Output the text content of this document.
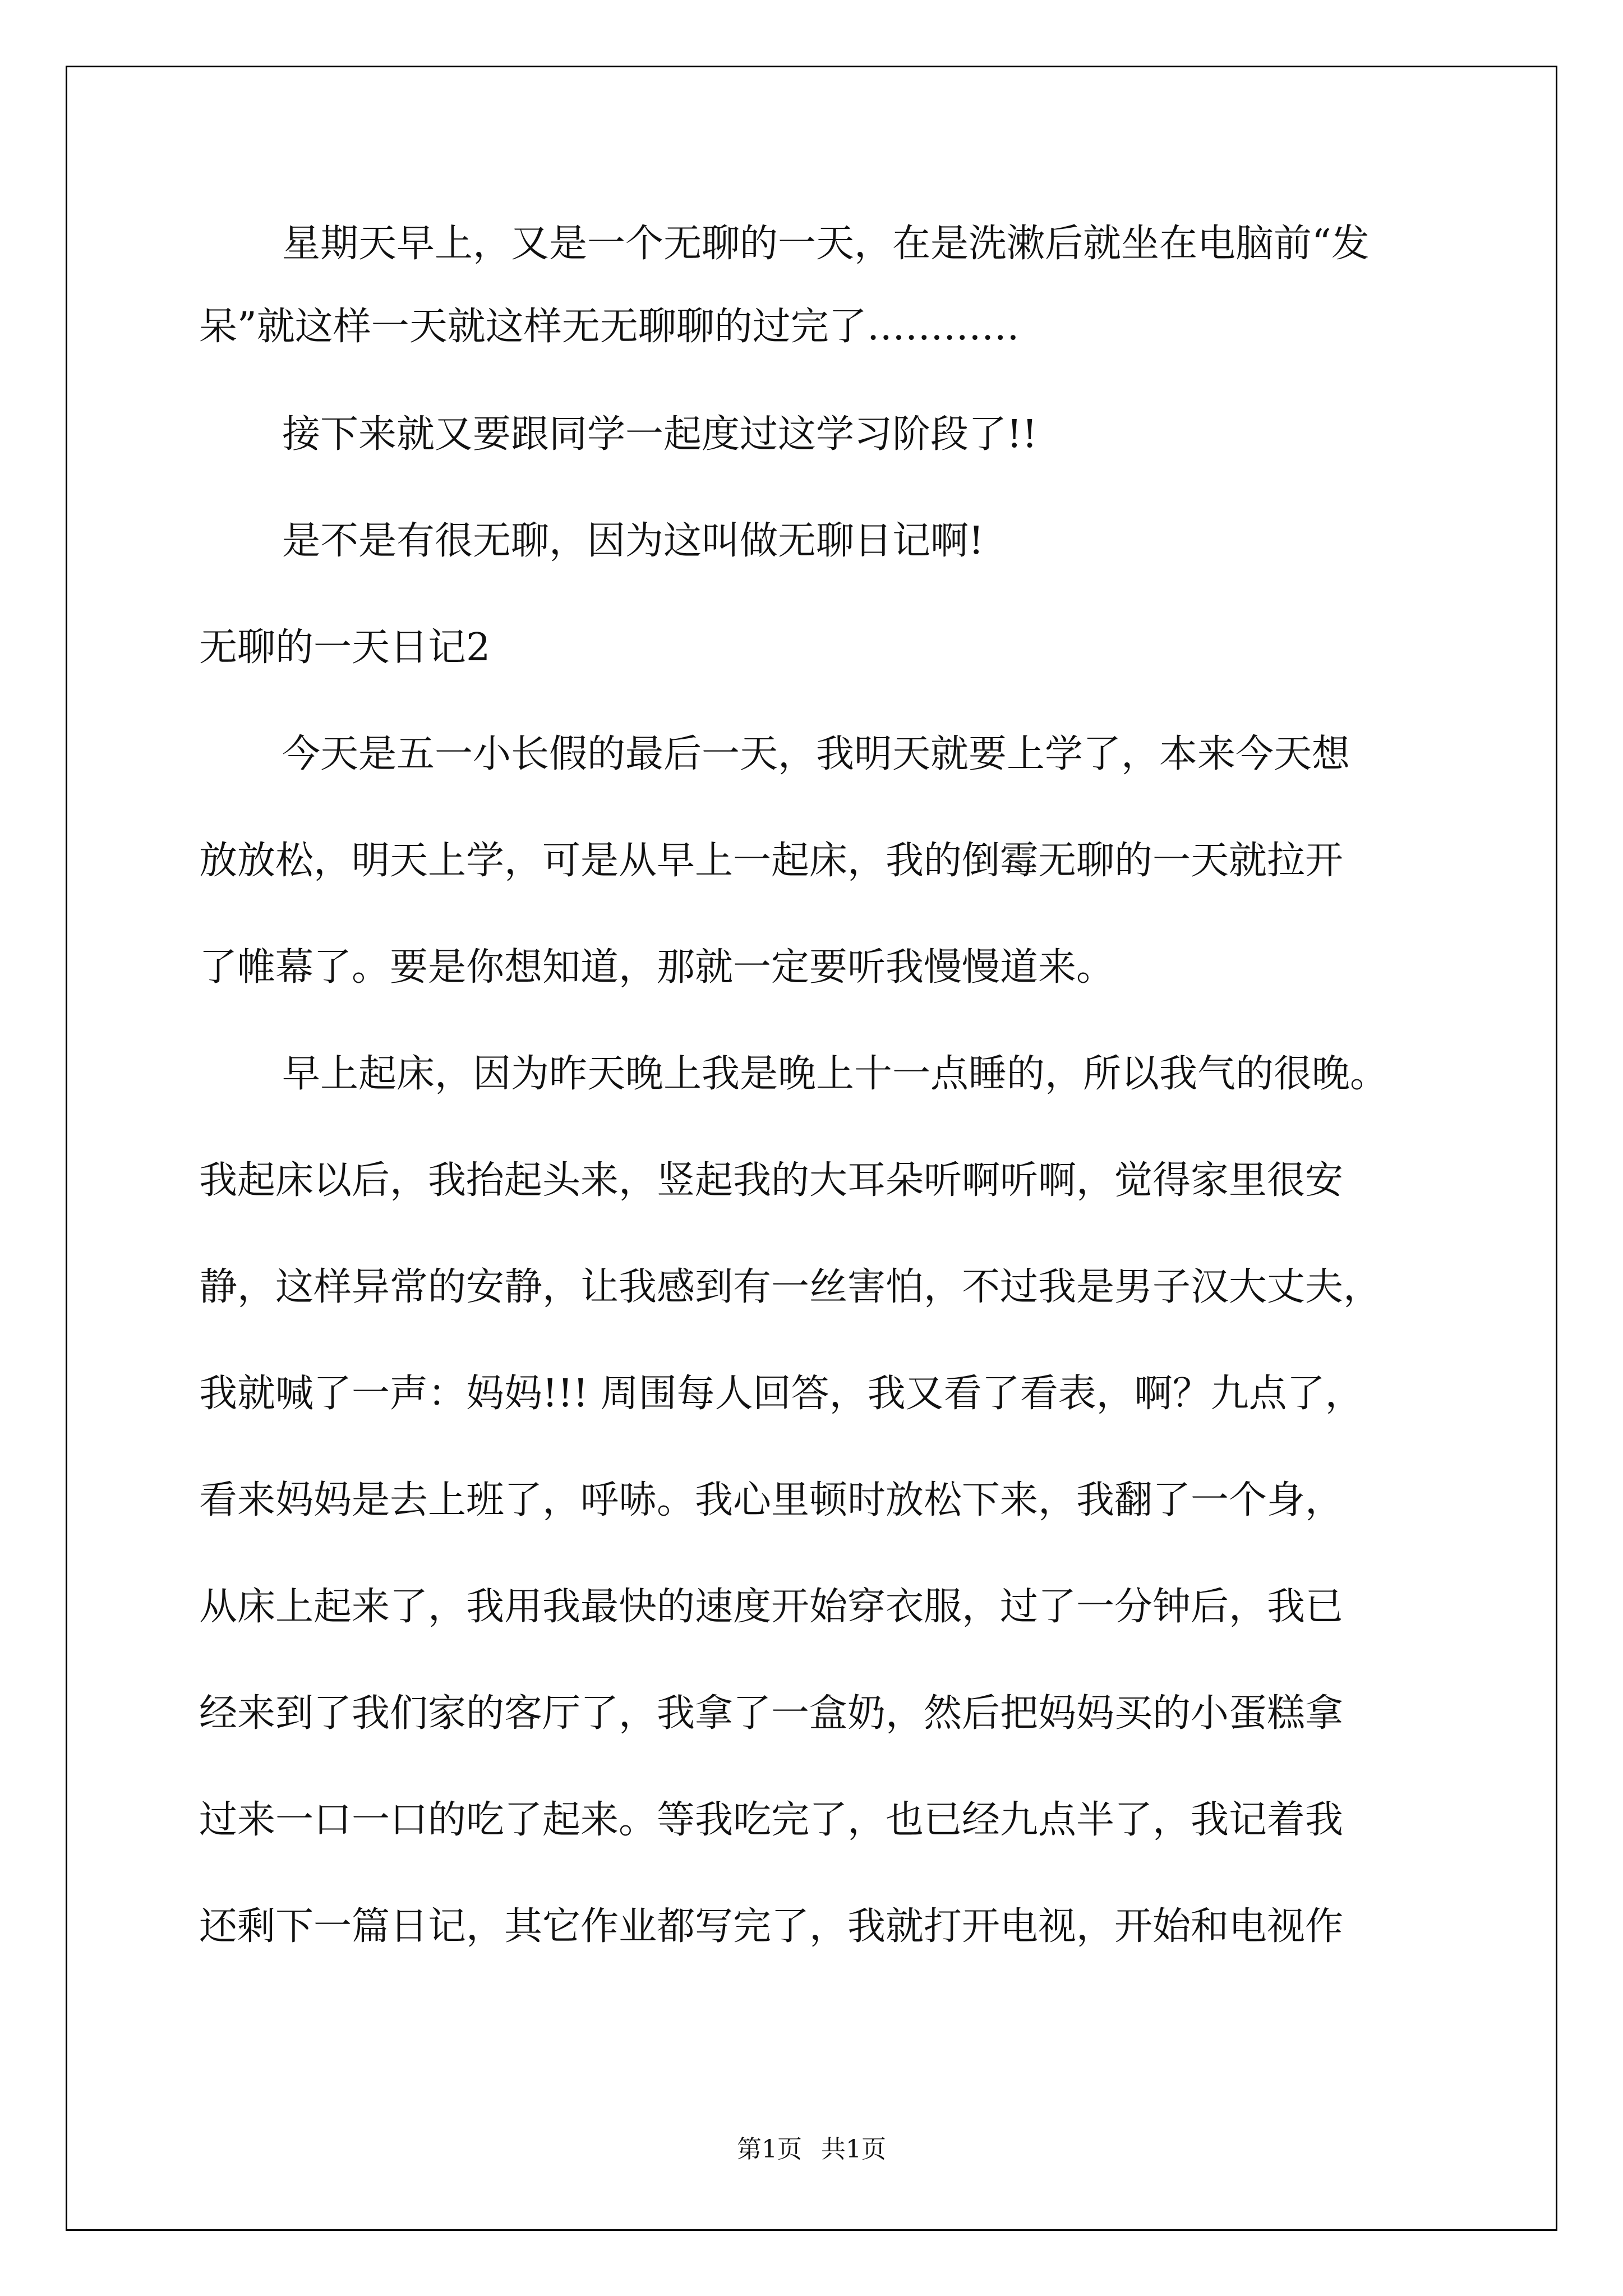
星期天早上，又是一个无聊的一天，在是洗漱后就坐在电脑前“发
呆”就这样一天就这样无无聊聊的过完了…………
接下来就又要跟同学一起度过这学习阶段了!!
是不是有很无聊，因为这叫做无聊日记啊!
无聊的一天日记2
今天是五一小长假的最后一天，我明天就要上学了，本来今天想
放放松，明天上学，可是从早上一起床，我的倒霉无聊的一天就拉开
了帷幕了。要是你想知道，那就一定要听我慢慢道来。
早上起床，因为昨天晚上我是晚上十一点睡的，所以我气的很晚。
我起床以后，我抬起头来，竖起我的大耳朵听啊听啊，觉得家里很安
静，这样异常的安静，让我感到有一丝害怕，不过我是男子汉大丈夫，
我就喊了一声：妈妈!!! 周围每人回答，我又看了看表，啊？九点了，
看来妈妈是去上班了，呼哧。我心里顿时放松下来，我翻了一个身，
从床上起来了，我用我最快的速度开始穿衣服，过了一分钟后，我已
经来到了我们家的客厅了，我拿了一盒奶，然后把妈妈买的小蛋糕拿
过来一口一口的吃了起来。等我吃完了，也已经九点半了，我记着我
还剩下一篇日记，其它作业都写完了，我就打开电视，开始和电视作
第1页 共1页
